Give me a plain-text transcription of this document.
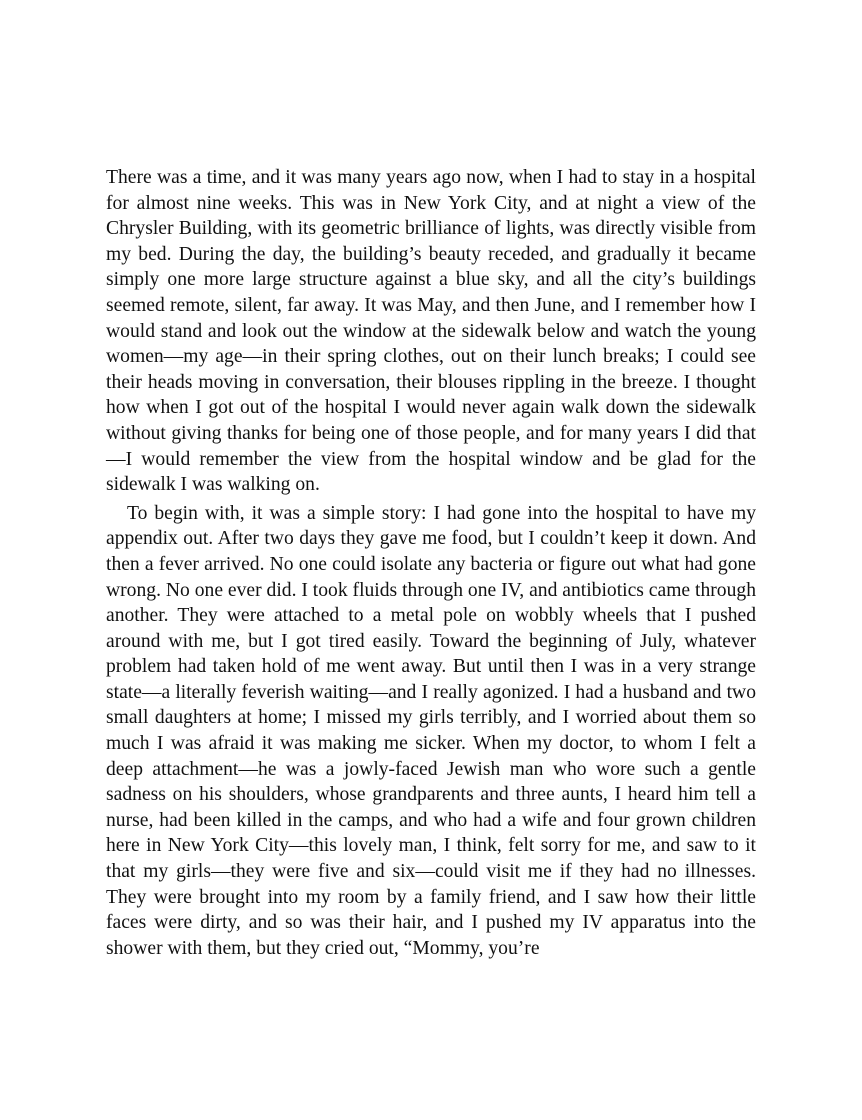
There was a time, and it was many years ago now, when I had to stay in a hospital for almost nine weeks. This was in New York City, and at night a view of the Chrysler Building, with its geometric brilliance of lights, was directly visible from my bed. During the day, the building’s beauty receded, and gradually it became simply one more large structure against a blue sky, and all the city’s buildings seemed remote, silent, far away. It was May, and then June, and I remember how I would stand and look out the window at the sidewalk below and watch the young women—my age—in their spring clothes, out on their lunch breaks; I could see their heads moving in conversation, their blouses rippling in the breeze. I thought how when I got out of the hospital I would never again walk down the sidewalk without giving thanks for being one of those people, and for many years I did that—I would remember the view from the hospital window and be glad for the sidewalk I was walking on.

To begin with, it was a simple story: I had gone into the hospital to have my appendix out. After two days they gave me food, but I couldn’t keep it down. And then a fever arrived. No one could isolate any bacteria or figure out what had gone wrong. No one ever did. I took fluids through one IV, and antibiotics came through another. They were attached to a metal pole on wobbly wheels that I pushed around with me, but I got tired easily. Toward the beginning of July, whatever problem had taken hold of me went away. But until then I was in a very strange state—a literally feverish waiting—and I really agonized. I had a husband and two small daughters at home; I missed my girls terribly, and I worried about them so much I was afraid it was making me sicker. When my doctor, to whom I felt a deep attachment—he was a jowly-faced Jewish man who wore such a gentle sadness on his shoulders, whose grandparents and three aunts, I heard him tell a nurse, had been killed in the camps, and who had a wife and four grown children here in New York City—this lovely man, I think, felt sorry for me, and saw to it that my girls—they were five and six—could visit me if they had no illnesses. They were brought into my room by a family friend, and I saw how their little faces were dirty, and so was their hair, and I pushed my IV apparatus into the shower with them, but they cried out, “Mommy, you’re
